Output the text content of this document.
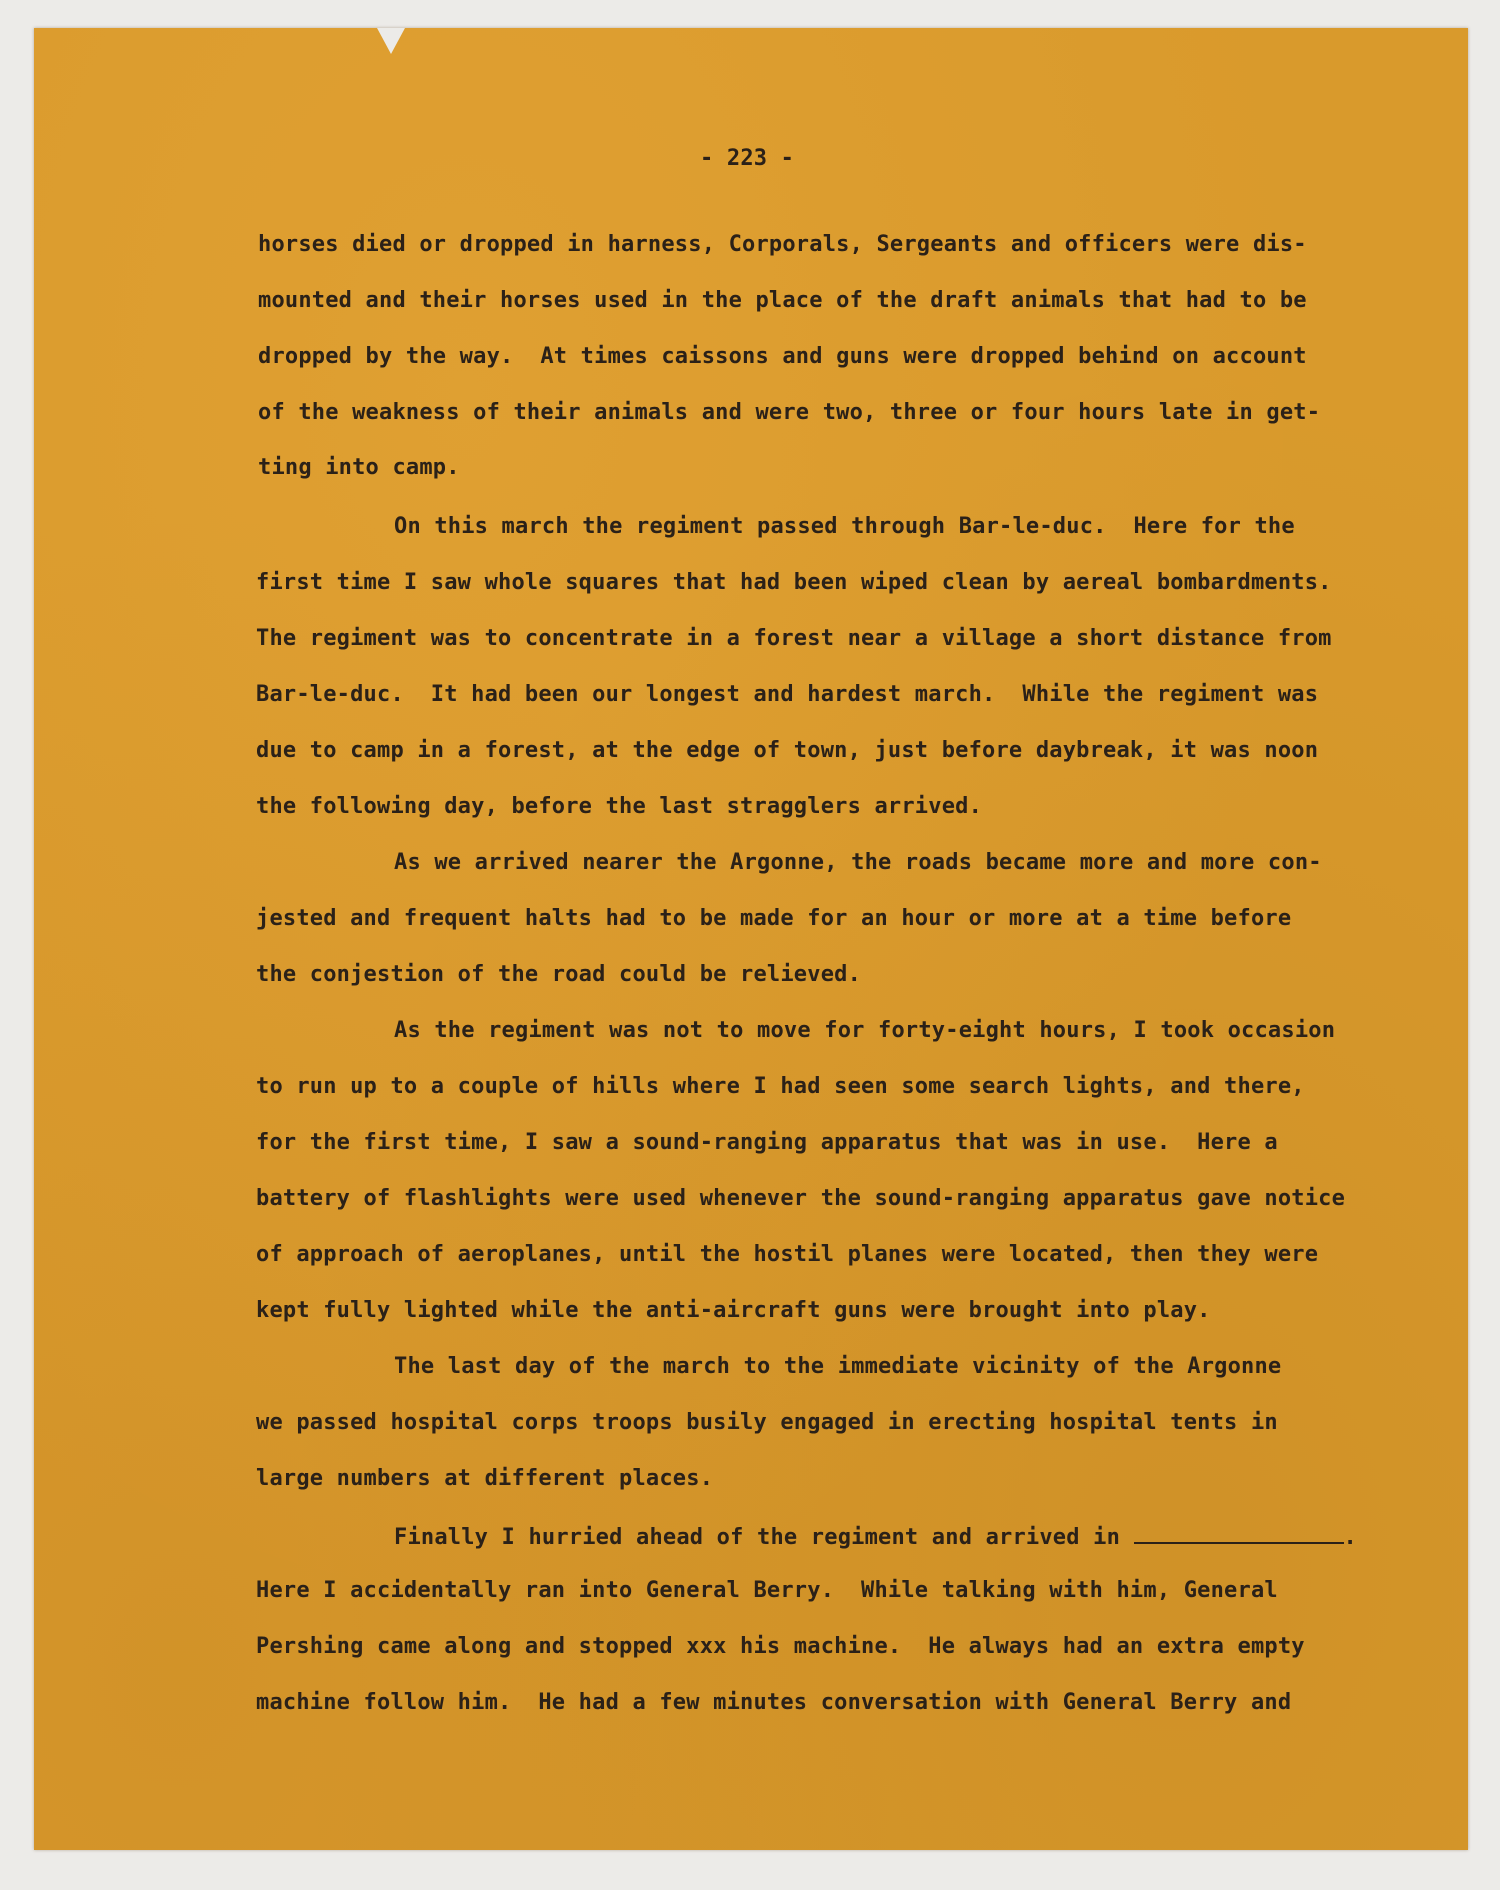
- 223 -

horses died or dropped in harness, Corporals, Sergeants and officers were dis-

mounted and their horses used in the place of the draft animals that had to be

dropped by the way.  At times caissons and guns were dropped behind on account

of the weakness of their animals and were two, three or four hours late in get-

ting into camp.

On this march the regiment passed through Bar-le-duc.  Here for the

first time I saw whole squares that had been wiped clean by aereal bombardments.

The regiment was to concentrate in a forest near a village a short distance from

Bar-le-duc.  It had been our longest and hardest march.  While the regiment was

due to camp in a forest, at the edge of town, just before daybreak, it was noon

the following day, before the last stragglers arrived.

As we arrived nearer the Argonne, the roads became more and more con-

jested and frequent halts had to be made for an hour or more at a time before

the conjestion of the road could be relieved.

As the regiment was not to move for forty-eight hours, I took occasion

to run up to a couple of hills where I had seen some search lights, and there,

for the first time, I saw a sound-ranging apparatus that was in use.  Here a

battery of flashlights were used whenever the sound-ranging apparatus gave notice

of approach of aeroplanes, until the hostil planes were located, then they were

kept fully lighted while the anti-aircraft guns were brought into play.

The last day of the march to the immediate vicinity of the Argonne

we passed hospital corps troops busily engaged in erecting hospital tents in

large numbers at different places.

Finally I hurried ahead of the regiment and arrived in	.

Here I accidentally ran into General Berry.  While talking with him, General

Pershing came along and stopped xxx his machine.  He always had an extra empty

machine follow him.  He had a few minutes conversation with General Berry and
